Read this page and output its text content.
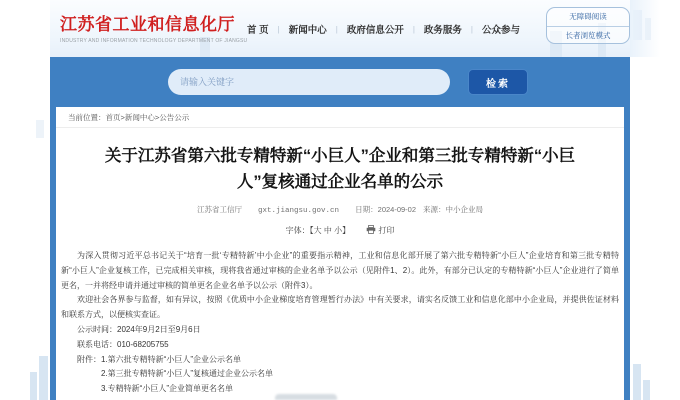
江苏省工业和信息化厅
INDUSTRY AND INFORMATION TECHNOLOGY DEPARTMENT OF JIANGSU
首 页 | 新闻中心 | 政府信息公开 | 政务服务 | 公众参与
无障碍阅读
长者浏览模式
请输入关键字
检索
当前位置：首页>新闻中心>公告公示
关于江苏省第六批专精特新“小巨人”企业和第三批专精特新“小巨人”复核通过企业名单的公示
江苏省工信厅 gxt.jiangsu.gov.cn 日期：2024-09-02 来源：中小企业局
字体：【大 中 小】	打印

为深入贯彻习近平总书记关于“培育一批‘专精特新’中小企业”的重要指示精神，工业和信息化部开展了第六批专精特新“小巨人”企业培育和第三批专精特新“小巨人”企业复核工作，已完成相关审核，现将我省通过审核的企业名单予以公示（见附件1、2）。此外，有部分已认定的专精特新“小巨人”企业进行了简单更名，一并将经申请并通过审核的简单更名企业名单予以公示（附件3）。

欢迎社会各界参与监督，如有异议，按照《优质中小企业梯度培育管理暂行办法》中有关要求，请实名反馈工业和信息化部中小企业局，并提供佐证材料和联系方式，以便核实查证。

公示时间：2024年9月2日至9月6日

联系电话：010-68205755

附件：1.第六批专精特新“小巨人”企业公示名单

2.第三批专精特新“小巨人”复核通过企业公示名单

3.专精特新“小巨人”企业简单更名名单
